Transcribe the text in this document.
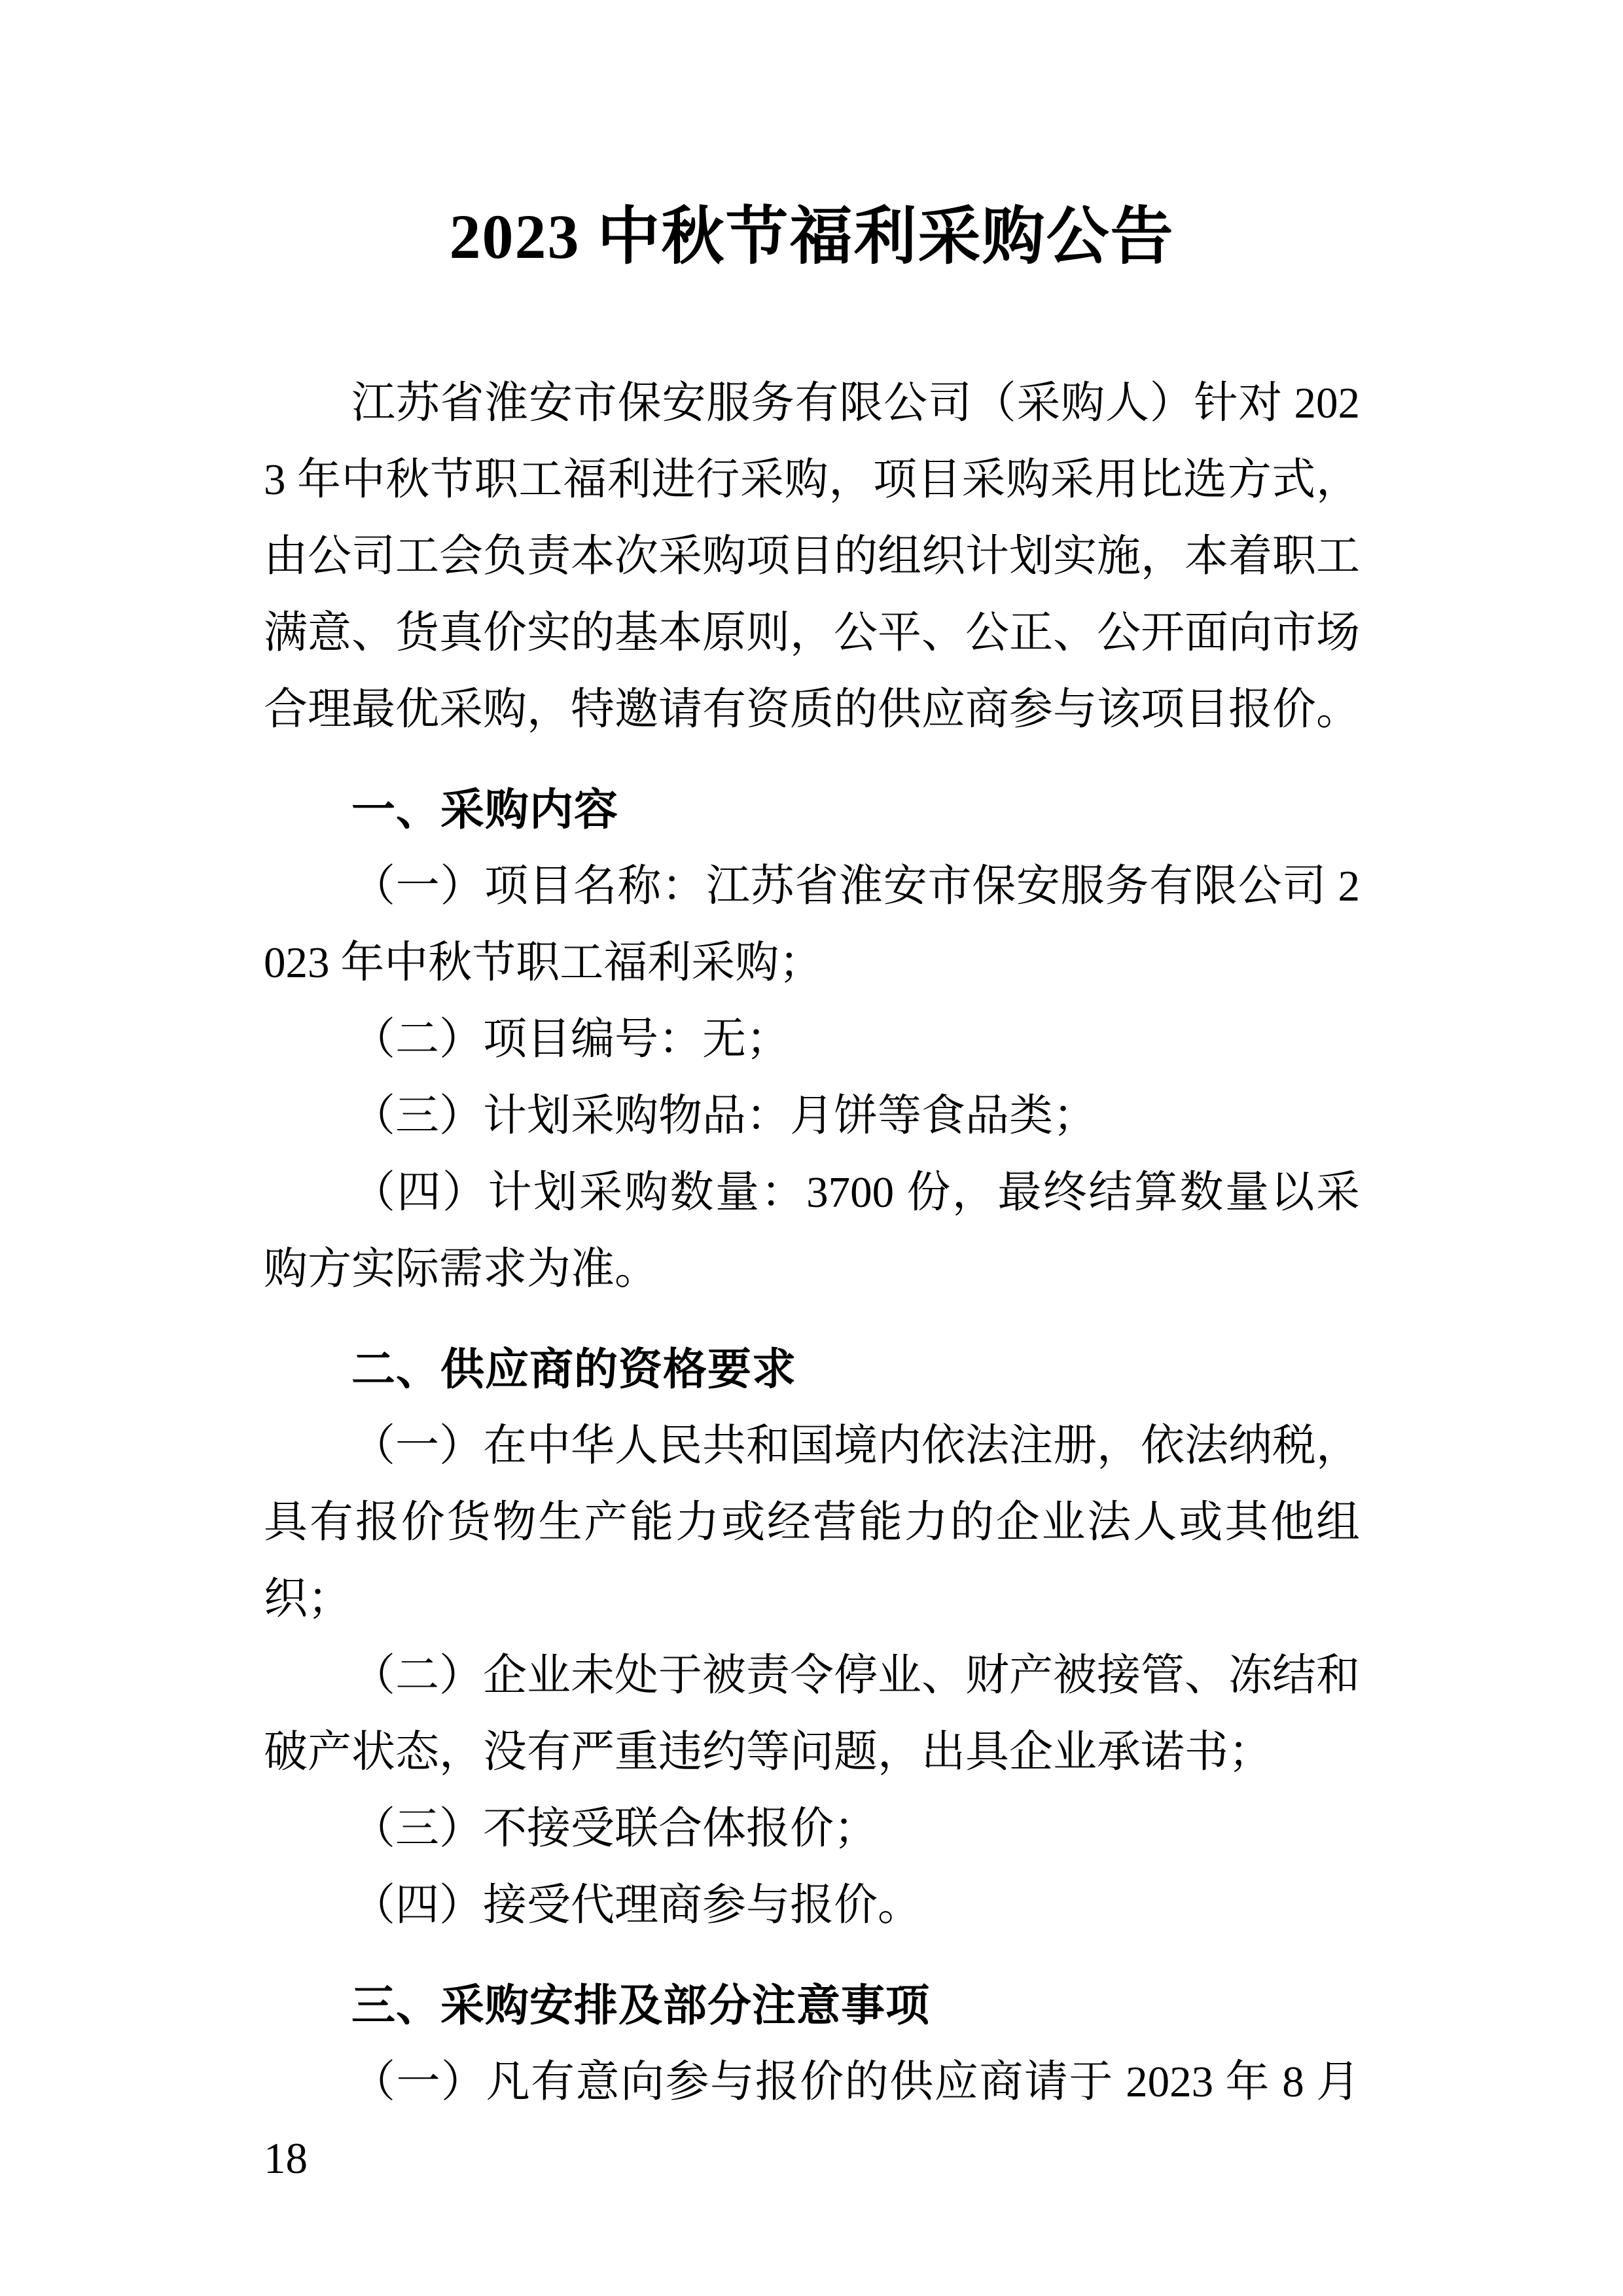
2023 中秋节福利采购公告

江苏省淮安市保安服务有限公司（采购人）针对 2023 年中秋节职工福利进行采购，项目采购采用比选方式，由公司工会负责本次采购项目的组织计划实施，本着职工满意、货真价实的基本原则，公平、公正、公开面向市场合理最优采购，特邀请有资质的供应商参与该项目报价。

一、采购内容

（一）项目名称：江苏省淮安市保安服务有限公司 2023 年中秋节职工福利采购；

（二）项目编号：无；

（三）计划采购物品：月饼等食品类；

（四）计划采购数量：3700 份，最终结算数量以采购方实际需求为准。

二、供应商的资格要求

（一）在中华人民共和国境内依法注册，依法纳税，具有报价货物生产能力或经营能力的企业法人或其他组织；

（二）企业未处于被责令停业、财产被接管、冻结和破产状态，没有严重违约等问题，出具企业承诺书；

（三）不接受联合体报价；

（四）接受代理商参与报价。

三、采购安排及部分注意事项

（一）凡有意向参与报价的供应商请于 2023 年 8 月 18
